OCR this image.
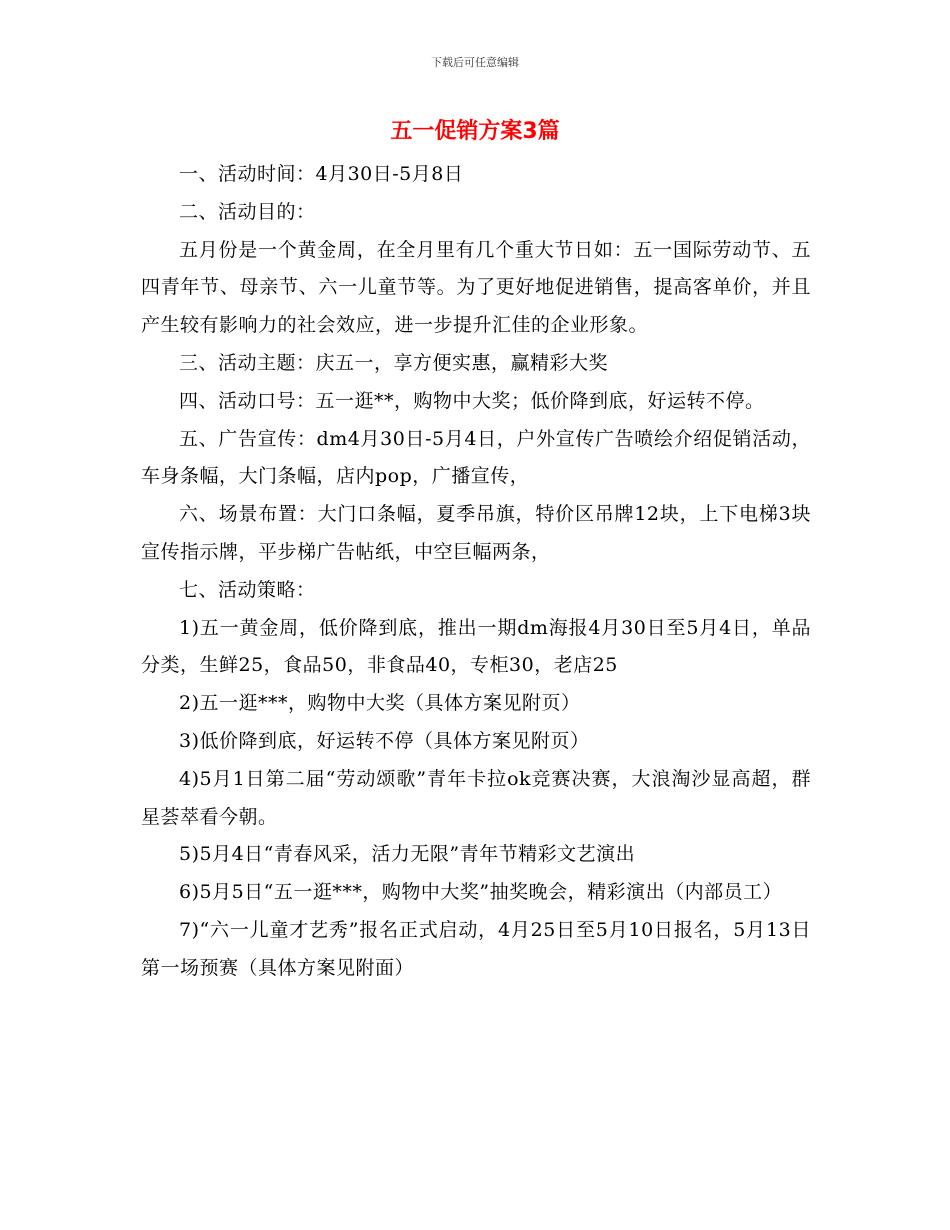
下载后可任意编辑
五一促销方案3篇

一、活动时间：4月30日-5月8日

二、活动目的：

五月份是一个黄金周，在全月里有几个重大节日如：五一国际劳动节、五四青年节、母亲节、六一儿童节等。为了更好地促进销售，提高客单价，并且产生较有影响力的社会效应，进一步提升汇佳的企业形象。

三、活动主题：庆五一，享方便实惠，赢精彩大奖

四、活动口号：五一逛**，购物中大奖；低价降到底，好运转不停。

五、广告宣传：dm4月30日-5月4日，户外宣传广告喷绘介绍促销活动，车身条幅，大门条幅，店内pop，广播宣传，

六、场景布置：大门口条幅，夏季吊旗，特价区吊牌12块，上下电梯3块宣传指示牌，平步梯广告帖纸，中空巨幅两条，

七、活动策略：

1)五一黄金周，低价降到底，推出一期dm海报4月30日至5月4日，单品分类，生鲜25，食品50，非食品40，专柜30，老店25

2)五一逛***，购物中大奖（具体方案见附页）

3)低价降到底，好运转不停（具体方案见附页）

4)5月1日第二届“劳动颂歌”青年卡拉ok竞赛决赛，大浪淘沙显高超，群星荟萃看今朝。

5)5月4日“青春风采，活力无限”青年节精彩文艺演出

6)5月5日“五一逛***，购物中大奖”抽奖晚会，精彩演出（内部员工）

7)“六一儿童才艺秀”报名正式启动，4月25日至5月10日报名，5月13日第一场预赛（具体方案见附面）
